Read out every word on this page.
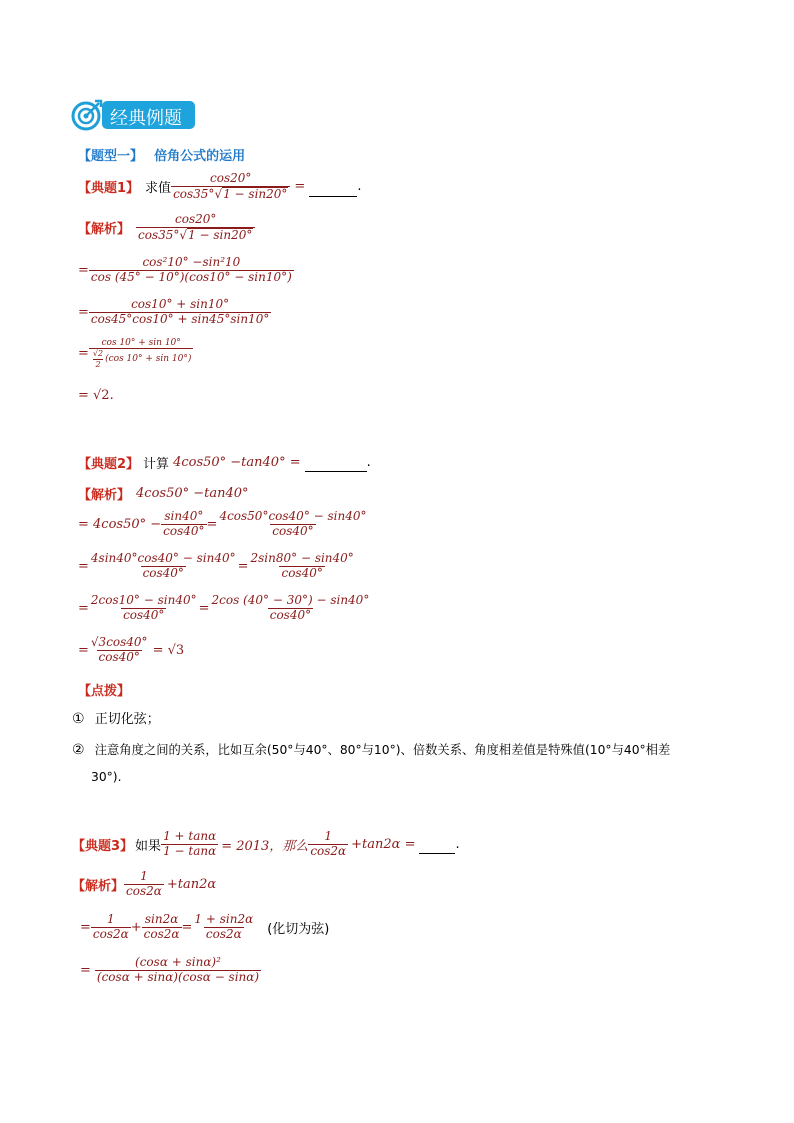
经典例题
【题型一】 倍角公式的运用
【典题1】 求值 $\frac{\cos 20^\circ}{\cos 35^\circ √ 1 - \sin 20^\circ}$ =
	.
【解析】 $\frac{\cos 20^\circ}{\cos 35^\circ √ 1 - \sin 20^\circ}$
= $\frac{\text{cos²10° −sin²10}}{\cos (45^\circ - 10^\circ)(\cos 10^\circ - \sin 10^\circ)}$
= $\frac{\cos 10^\circ + \sin 10^\circ}{\cos 45^\circ\cos 10^\circ + \sin 45^\circ\sin 10^\circ}$
= $\frac{\cos 10^\circ + \sin 10^\circ}{\frac{√2}{2} (\cos 10^\circ + \sin 10^\circ)}$
= √2.
【典题2】 计算 4cos50° −tan40° =
	.
【解析】 4cos50° −tan40°
= $4\cos 50^\circ - \frac{\sin 40^\circ}{\cos 40^\circ} = \frac{4\cos 50^\circ\cos 40^\circ - \sin 40^\circ}{\cos 40^\circ}$
= $\frac{4\sin 40^\circ\cos 40^\circ - \sin 40^\circ}{\cos 40^\circ} = \frac{2\sin 80^\circ - \sin 40^\circ}{\cos 40^\circ}$
= $\frac{2\cos 10^\circ - \sin 40^\circ}{\cos 40^\circ} = \frac{2\cos (40^\circ - 30^\circ) - \sin 40^\circ}{\cos 40^\circ}$
= $\frac{√3\cos 40^\circ}{\cos 40^\circ} = √3$
【点拨】
① 正切化弦；
② 注意角度之间的关系，比如互余(50°与40°、80°与10°)、倍数关系、角度相差值是特殊值(10°与40°相差
30°).
【典题3】 如果 $\frac{1 + \tan\alpha}{1 - \tan\alpha} = 2013$，那么 $\frac{1}{\cos 2\alpha} +\tan 2\alpha$ =
	.
【解析】 $\frac{1}{\cos 2\alpha} +\tan 2\alpha$
= $\frac{1}{\cos 2\alpha} + \frac{\sin 2\alpha}{\cos 2\alpha} = \frac{1 + \sin 2\alpha}{\cos 2\alpha}$ (化切为弦)
= $\frac{\text{(cosα + sinα)²}}{(\cos\alpha + \sin\alpha)(\cos\alpha - \sin\alpha)}$
